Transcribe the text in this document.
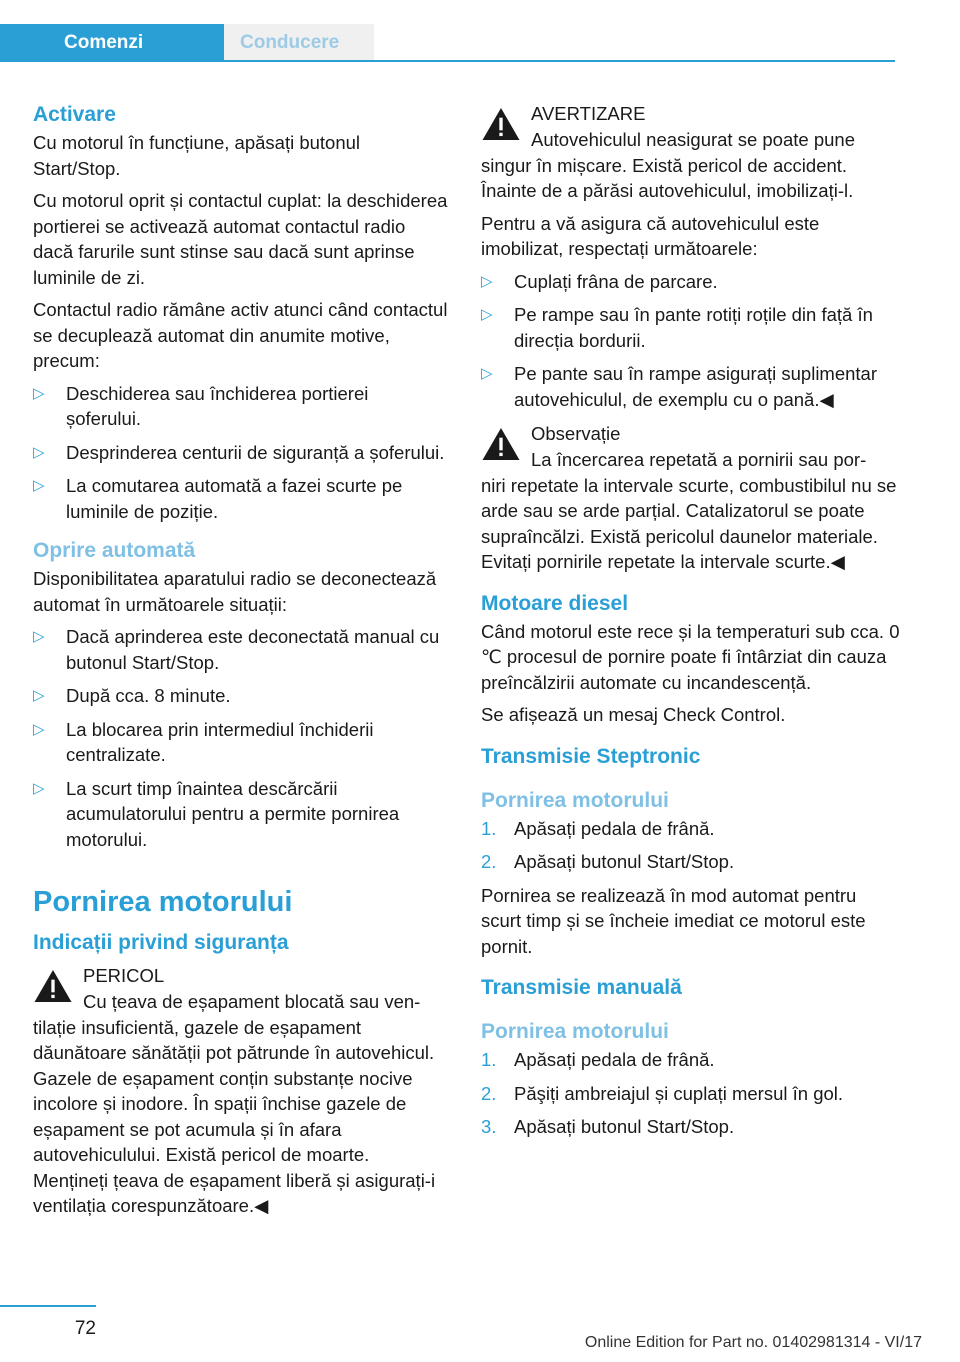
Comenzi	Conducere
Activare
Cu motorul în funcțiune, apăsați butonul Start/Stop.
Cu motorul oprit și contactul cuplat: la deschiderea portierei se activează automat contactul radio dacă farurile sunt stinse sau dacă sunt aprinse luminile de zi.
Contactul radio rămâne activ atunci când contactul se decuplează automat din anumite motive, precum:
▷ Deschiderea sau închiderea portierei șoferului.
▷ Desprinderea centurii de siguranță a șoferului.
▷ La comutarea automată a fazei scurte pe luminile de poziție.
Oprire automată
Disponibilitatea aparatului radio se deconectează automat în următoarele situații:
▷ Dacă aprinderea este deconectată manual cu butonul Start/Stop.
▷ După cca. 8 minute.
▷ La blocarea prin intermediul închiderii centralizate.
▷ La scurt timp înaintea descărcării acumulatorului pentru a permite pornirea motorului.
Pornirea motorului
Indicații privind siguranța
PERICOL
Cu țeava de eșapament blocată sau ven-
tilație insuficientă, gazele de eșapament dăunătoare sănătății pot pătrunde în autovehicul. Gazele de eșapament conțin substanțe nocive incolore și inodore. În spații închise gazele de eșapament se pot acumula și în afara autovehiculului. Există pericol de moarte. Mențineți țeava de eșapament liberă și asigurați-i ventilația corespunzătoare.◀
AVERTIZARE
Autovehiculul neasigurat se poate pune
singur în mișcare. Există pericol de accident. Înainte de a părăsi autovehiculul, imobilizați-l.
Pentru a vă asigura că autovehiculul este imobilizat, respectați următoarele:
▷ Cuplați frâna de parcare.
▷ Pe rampe sau în pante rotiți roțile din față în direcția bordurii.
▷ Pe pante sau în rampe asigurați suplimentar autovehiculul, de exemplu cu o pană.◀
Observație
La încercarea repetată a pornirii sau por-
niri repetate la intervale scurte, combustibilul nu se arde sau se arde parțial. Catalizatorul se poate supraîncălzi. Există pericolul daunelor materiale. Evitați pornirile repetate la intervale scurte.◀
Motoare diesel
Când motorul este rece și la temperaturi sub cca. 0 ℃ procesul de pornire poate fi întârziat din cauza preîncălzirii automate cu incandescență.
Se afișează un mesaj Check Control.
Transmisie Steptronic
Pornirea motorului
1. Apăsați pedala de frână.
2. Apăsați butonul Start/Stop.
Pornirea se realizează în mod automat pentru scurt timp și se încheie imediat ce motorul este pornit.
Transmisie manuală
Pornirea motorului
1. Apăsați pedala de frână.
2. Păşiți ambreiajul și cuplați mersul în gol.
3. Apăsați butonul Start/Stop.
72
Online Edition for Part no. 01402981314 - VI/17
